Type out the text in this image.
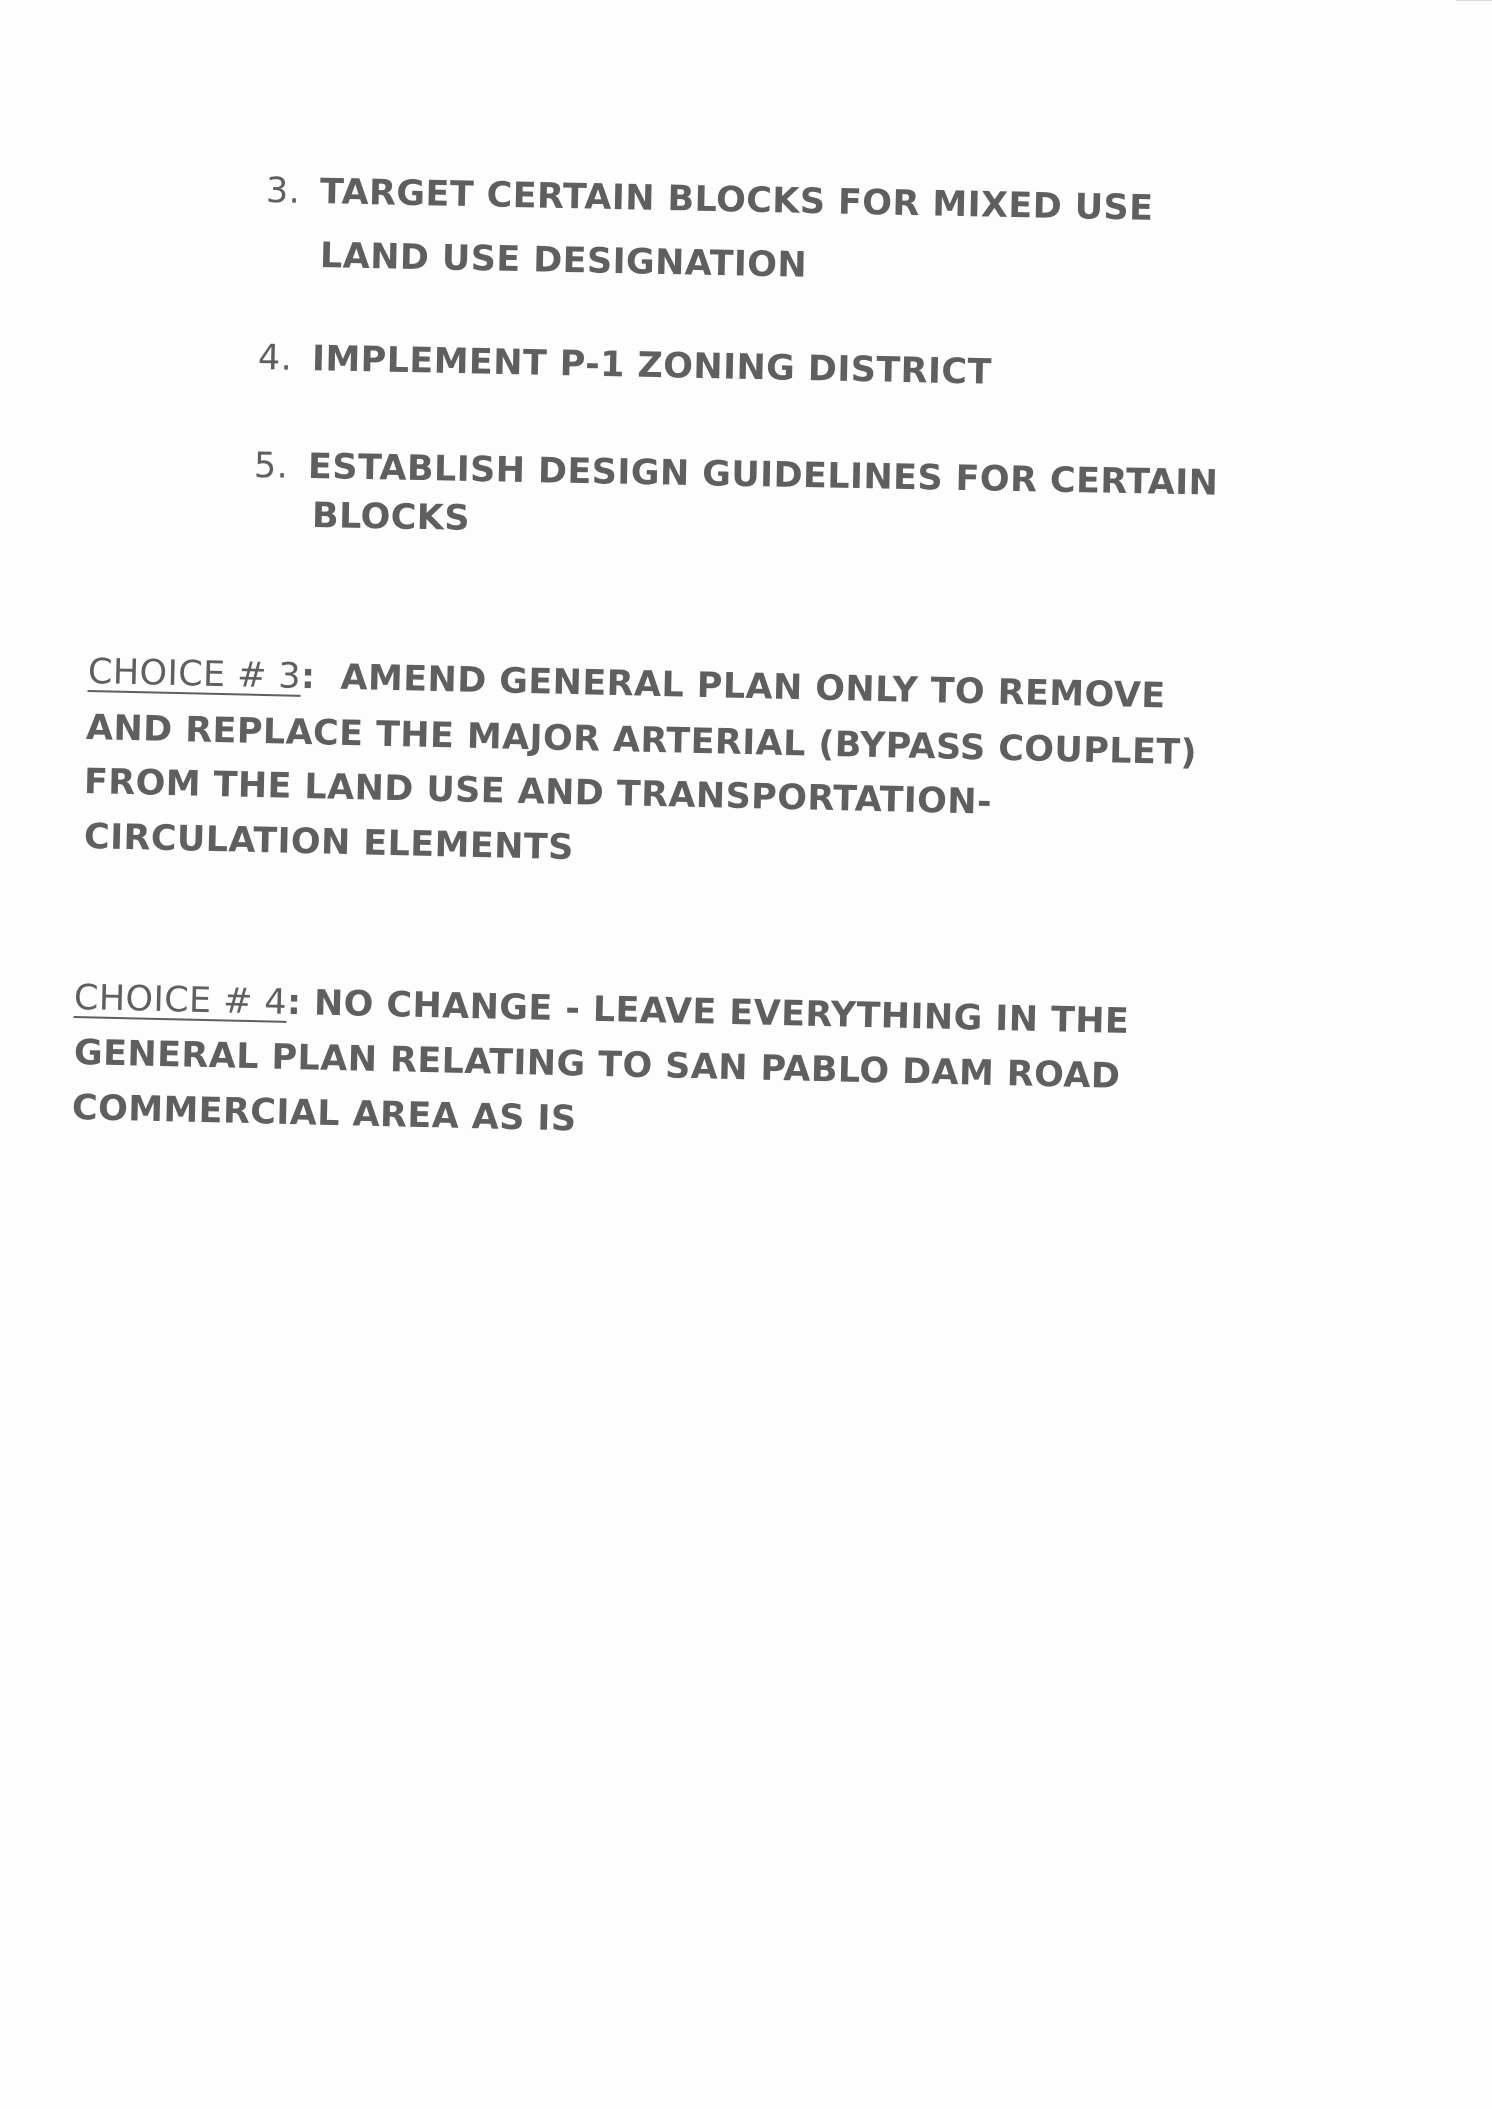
3. TARGET CERTAIN BLOCKS FOR MIXED USE
LAND USE DESIGNATION
4. IMPLEMENT P-1 ZONING DISTRICT
5. ESTABLISH DESIGN GUIDELINES FOR CERTAIN
BLOCKS
CHOICE # 3: AMEND GENERAL PLAN ONLY TO REMOVE
AND REPLACE THE MAJOR ARTERIAL (BYPASS COUPLET)
FROM THE LAND USE AND TRANSPORTATION-
CIRCULATION ELEMENTS
CHOICE # 4: NO CHANGE - LEAVE EVERYTHING IN THE
GENERAL PLAN RELATING TO SAN PABLO DAM ROAD
COMMERCIAL AREA AS IS
